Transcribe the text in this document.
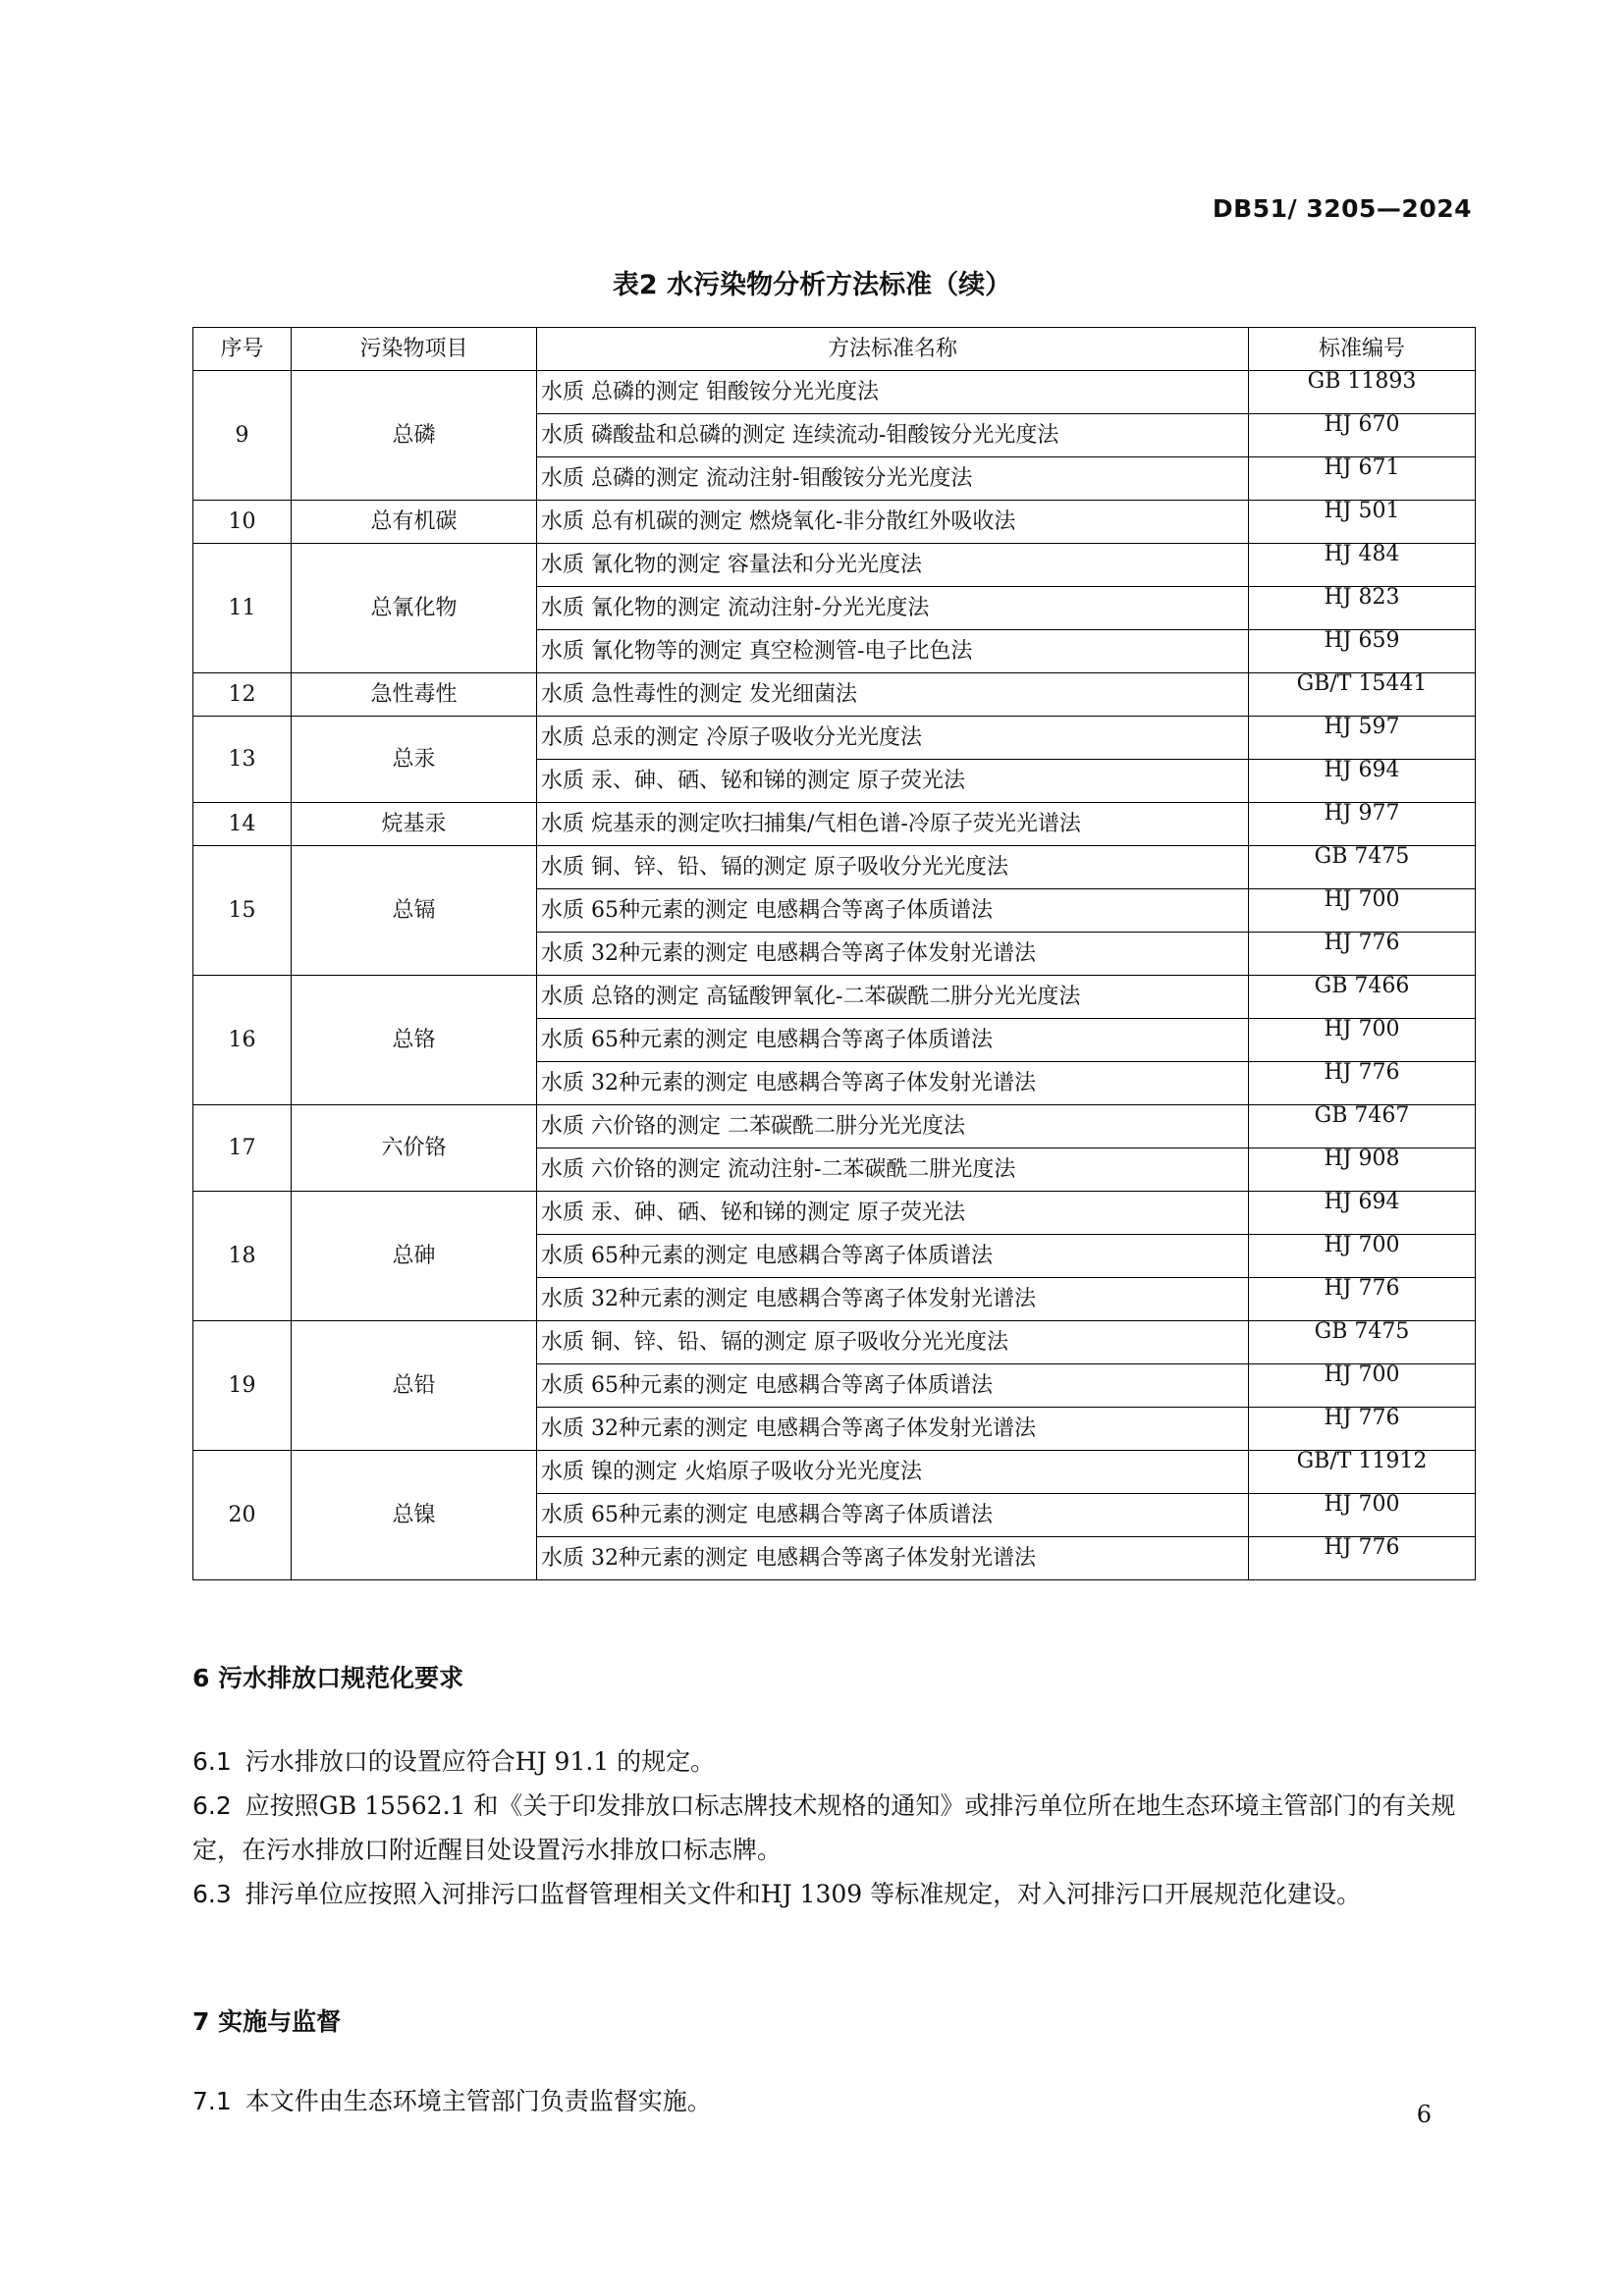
DB51/ 3205—2024
表2 水污染物分析方法标准（续）
序号	污染物项目	方法标准名称	标准编号
9	总磷	水质 总磷的测定 钼酸铵分光光度法	GB 11893
		水质 磷酸盐和总磷的测定 连续流动-钼酸铵分光光度法	HJ 670
		水质 总磷的测定 流动注射-钼酸铵分光光度法	HJ 671
10	总有机碳	水质 总有机碳的测定 燃烧氧化-非分散红外吸收法	HJ 501
11	总氰化物	水质 氰化物的测定 容量法和分光光度法	HJ 484
		水质 氰化物的测定 流动注射-分光光度法	HJ 823
		水质 氰化物等的测定 真空检测管-电子比色法	HJ 659
12	急性毒性	水质 急性毒性的测定 发光细菌法	GB/T 15441
13	总汞	水质 总汞的测定 冷原子吸收分光光度法	HJ 597
		水质 汞、砷、硒、铋和锑的测定 原子荧光法	HJ 694
14	烷基汞	水质 烷基汞的测定吹扫捕集/气相色谱-冷原子荧光光谱法	HJ 977
15	总镉	水质 铜、锌、铅、镉的测定 原子吸收分光光度法	GB 7475
		水质 65种元素的测定 电感耦合等离子体质谱法	HJ 700
		水质 32种元素的测定 电感耦合等离子体发射光谱法	HJ 776
16	总铬	水质 总铬的测定 高锰酸钾氧化-二苯碳酰二肼分光光度法	GB 7466
		水质 65种元素的测定 电感耦合等离子体质谱法	HJ 700
		水质 32种元素的测定 电感耦合等离子体发射光谱法	HJ 776
17	六价铬	水质 六价铬的测定 二苯碳酰二肼分光光度法	GB 7467
		水质 六价铬的测定 流动注射-二苯碳酰二肼光度法	HJ 908
18	总砷	水质 汞、砷、硒、铋和锑的测定 原子荧光法	HJ 694
		水质 65种元素的测定 电感耦合等离子体质谱法	HJ 700
		水质 32种元素的测定 电感耦合等离子体发射光谱法	HJ 776
19	总铅	水质 铜、锌、铅、镉的测定 原子吸收分光光度法	GB 7475
		水质 65种元素的测定 电感耦合等离子体质谱法	HJ 700
		水质 32种元素的测定 电感耦合等离子体发射光谱法	HJ 776
20	总镍	水质 镍的测定 火焰原子吸收分光光度法	GB/T 11912
		水质 65种元素的测定 电感耦合等离子体质谱法	HJ 700
		水质 32种元素的测定 电感耦合等离子体发射光谱法	HJ 776
6 污水排放口规范化要求
6.1 污水排放口的设置应符合HJ 91.1 的规定。
6.2 应按照GB 15562.1 和《关于印发排放口标志牌技术规格的通知》或排污单位所在地生态环境主管部门的有关规定，在污水排放口附近醒目处设置污水排放口标志牌。
6.3 排污单位应按照入河排污口监督管理相关文件和HJ 1309 等标准规定，对入河排污口开展规范化建设。
7 实施与监督
7.1 本文件由生态环境主管部门负责监督实施。	6
